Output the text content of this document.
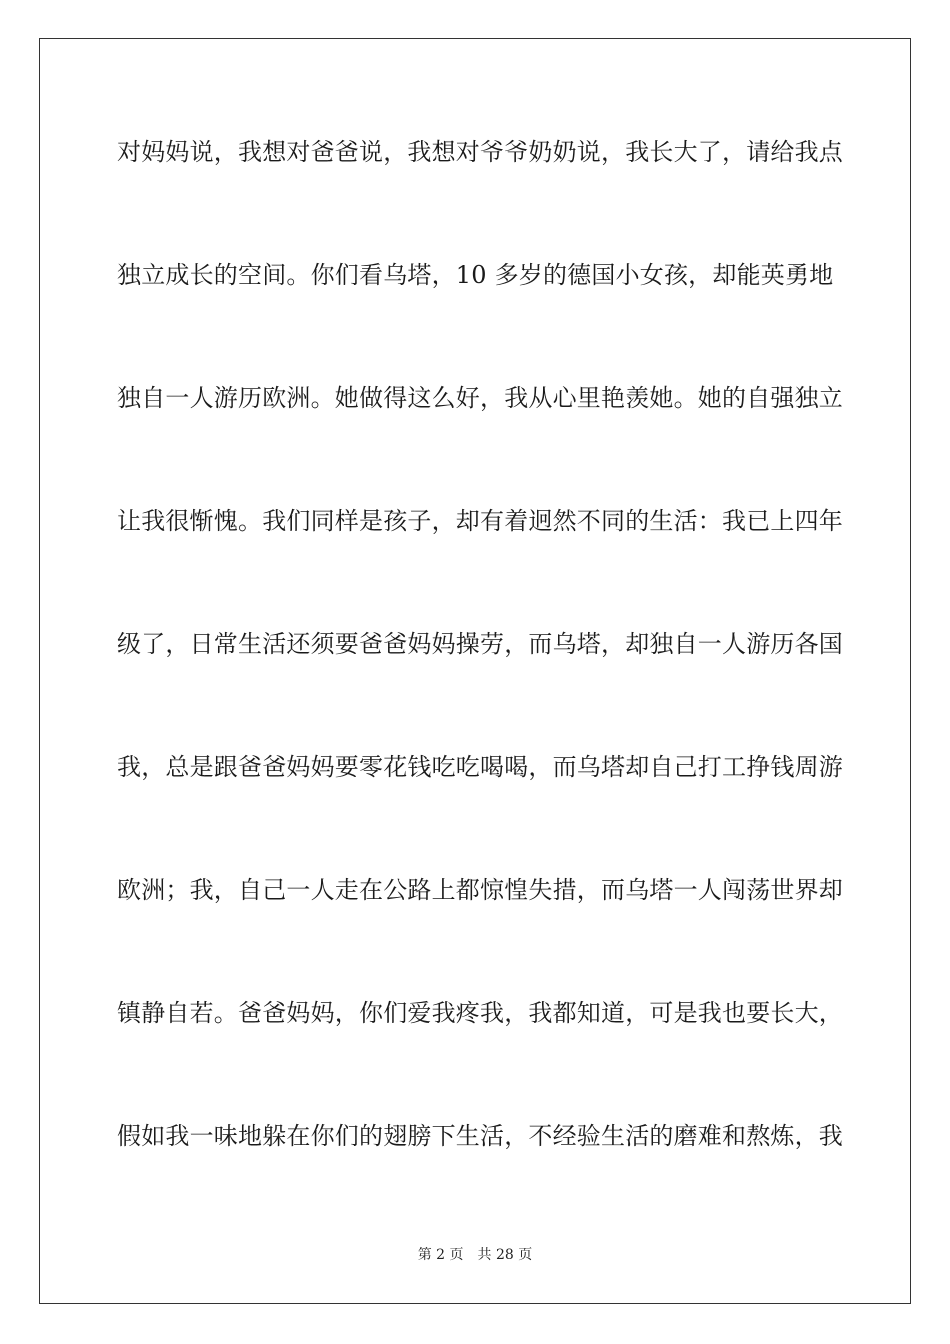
对妈妈说，我想对爸爸说，我想对爷爷奶奶说，我长大了，请给我点
独立成长的空间。你们看乌塔，10 多岁的德国小女孩，却能英勇地
独自一人游历欧洲。她做得这么好，我从心里艳羡她。她的自强独立
让我很惭愧。我们同样是孩子，却有着迥然不同的生活：我已上四年
级了，日常生活还须要爸爸妈妈操劳，而乌塔，却独自一人游历各国
我，总是跟爸爸妈妈要零花钱吃吃喝喝，而乌塔却自己打工挣钱周游
欧洲；我，自己一人走在公路上都惊惶失措，而乌塔一人闯荡世界却
镇静自若。爸爸妈妈，你们爱我疼我，我都知道，可是我也要长大，
假如我一味地躲在你们的翅膀下生活，不经验生活的磨难和熬炼，我
第 2 页 共 28 页
